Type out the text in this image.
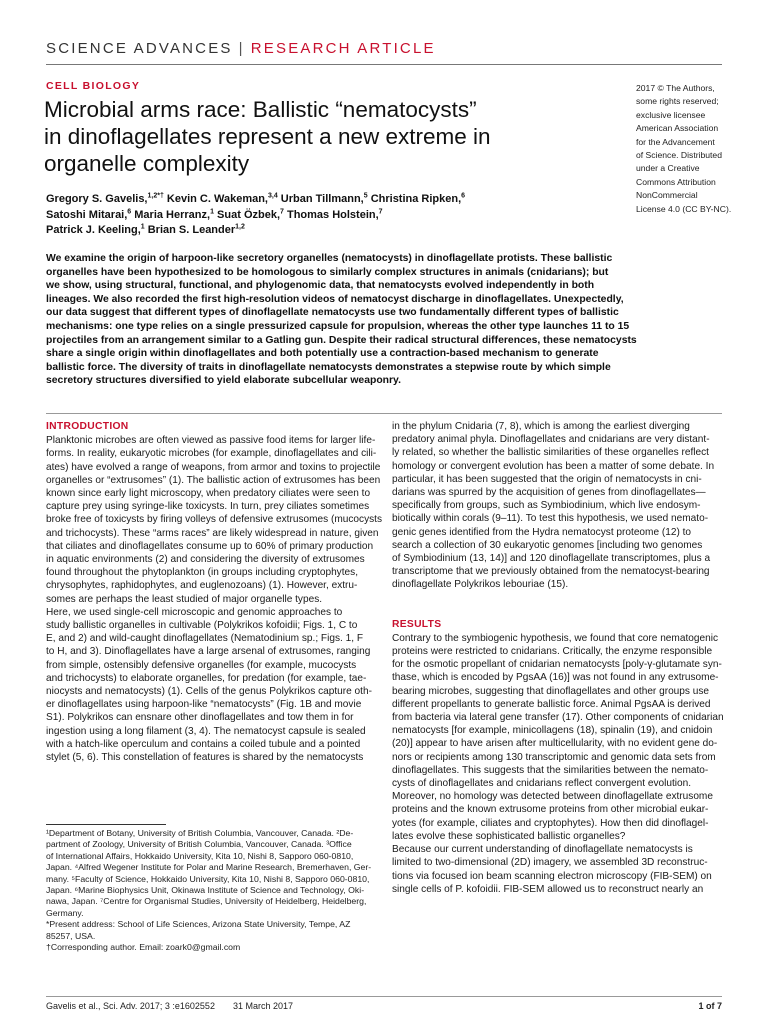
SCIENCE ADVANCES | RESEARCH ARTICLE
CELL BIOLOGY
Microbial arms race: Ballistic “nematocysts”
in dinoflagellates represent a new extreme in
organelle complexity
Gregory S. Gavelis,$^{1,2*\dagger}$ Kevin C. Wakeman,$^{3,4}$ Urban Tillmann,$^5$ Christina Ripken,$^6$
Satoshi Mitarai,$^6$ Maria Herranz,$^1$ Suat Özbek,$^7$ Thomas Holstein,$^7$
Patrick J. Keeling,$^1$ Brian S. Leander$^{1,2}$
2017 © The Authors,
some rights reserved;
exclusive licensee
American Association
for the Advancement
of Science. Distributed
under a Creative
Commons Attribution
NonCommercial
License 4.0 (CC BY-NC).
We examine the origin of harpoon-like secretory organelles (nematocysts) in dinoflagellate protists. These ballistic
organelles have been hypothesized to be homologous to similarly complex structures in animals (cnidarians); but
we show, using structural, functional, and phylogenomic data, that nematocysts evolved independently in both
lineages. We also recorded the first high-resolution videos of nematocyst discharge in dinoflagellates. Unexpectedly,
our data suggest that different types of dinoflagellate nematocysts use two fundamentally different types of ballistic
mechanisms: one type relies on a single pressurized capsule for propulsion, whereas the other type launches 11 to 15
projectiles from an arrangement similar to a Gatling gun. Despite their radical structural differences, these nematocysts
share a single origin within dinoflagellates and both potentially use a contraction-based mechanism to generate
ballistic force. The diversity of traits in dinoflagellate nematocysts demonstrates a stepwise route by which simple
secretory structures diversified to yield elaborate subcellular weaponry.
INTRODUCTION
Planktonic microbes are often viewed as passive food items for larger life-
forms. In reality, eukaryotic microbes (for example, dinoflagellates and cili-
ates) have evolved a range of weapons, from armor and toxins to projectile
organelles or “extrusomes” (1). The ballistic action of extrusomes has been
known since early light microscopy, when predatory ciliates were seen to
capture prey using syringe-like toxicysts. In turn, prey ciliates sometimes
broke free of toxicysts by firing volleys of defensive extrusomes (mucocysts
and trichocysts). These “arms races” are likely widespread in nature, given
that ciliates and dinoflagellates consume up to 60% of primary production
in aquatic environments (2) and considering the diversity of extrusomes
found throughout the phytoplankton (in groups including cryptophytes,
chrysophytes, raphidophytes, and euglenozoans) (1). However, extru-
somes are perhaps the least studied of major organelle types.
Here, we used single-cell microscopic and genomic approaches to
study ballistic organelles in cultivable (Polykrikos kofoidii; Figs. 1, C to
E, and 2) and wild-caught dinoflagellates (Nematodinium sp.; Figs. 1, F
to H, and 3). Dinoflagellates have a large arsenal of extrusomes, ranging
from simple, ostensibly defensive organelles (for example, mucocysts
and trichocysts) to elaborate organelles, for predation (for example, tae-
niocysts and nematocysts) (1). Cells of the genus Polykrikos capture oth-
er dinoflagellates using harpoon-like “nematocysts” (Fig. 1B and movie
S1). Polykrikos can ensnare other dinoflagellates and tow them in for
ingestion using a long filament (3, 4). The nematocyst capsule is sealed
with a hatch-like operculum and contains a coiled tubule and a pointed
stylet (5, 6). This constellation of features is shared by the nematocysts
in the phylum Cnidaria (7, 8), which is among the earliest diverging
predatory animal phyla. Dinoflagellates and cnidarians are very distant-
ly related, so whether the ballistic similarities of these organelles reflect
homology or convergent evolution has been a matter of some debate. In
particular, it has been suggested that the origin of nematocysts in cni-
darians was spurred by the acquisition of genes from dinoflagellates—
specifically from groups, such as Symbiodinium, which live endosym-
biotically within corals (9–11). To test this hypothesis, we used nemato-
genic genes identified from the Hydra nematocyst proteome (12) to
search a collection of 30 eukaryotic genomes [including two genomes
of Symbiodinium (13, 14)] and 120 dinoflagellate transcriptomes, plus a
transcriptome that we previously obtained from the nematocyst-bearing
dinoflagellate Polykrikos lebouriae (15).
RESULTS
Contrary to the symbiogenic hypothesis, we found that core nematogenic
proteins were restricted to cnidarians. Critically, the enzyme responsible
for the osmotic propellant of cnidarian nematocysts [poly-γ-glutamate syn-
thase, which is encoded by PgsAA (16)] was not found in any extrusome-
bearing microbes, suggesting that dinoflagellates and other groups use
different propellants to generate ballistic force. Animal PgsAA is derived
from bacteria via lateral gene transfer (17). Other components of cnidarian
nematocysts [for example, minicollagens (18), spinalin (19), and cnidoin
(20)] appear to have arisen after multicellularity, with no evident gene do-
nors or recipients among 130 transcriptomic and genomic data sets from
dinoflagellates. This suggests that the similarities between the nemato-
cysts of dinoflagellates and cnidarians reflect convergent evolution.
Moreover, no homology was detected between dinoflagellate extrusome
proteins and the known extrusome proteins from other microbial eukar-
yotes (for example, ciliates and cryptophytes). How then did dinoflagel-
lates evolve these sophisticated ballistic organelles?
Because our current understanding of dinoflagellate nematocysts is
limited to two-dimensional (2D) imagery, we assembled 3D reconstruc-
tions via focused ion beam scanning electron microscopy (FIB-SEM) on
single cells of P. kofoidii. FIB-SEM allowed us to reconstruct nearly an
¹Department of Botany, University of British Columbia, Vancouver, Canada. ²De-
partment of Zoology, University of British Columbia, Vancouver, Canada. ³Office
of International Affairs, Hokkaido University, Kita 10, Nishi 8, Sapporo 060-0810,
Japan. ⁴Alfred Wegener Institute for Polar and Marine Research, Bremerhaven, Ger-
many. ⁵Faculty of Science, Hokkaido University, Kita 10, Nishi 8, Sapporo 060-0810,
Japan. ⁶Marine Biophysics Unit, Okinawa Institute of Science and Technology, Oki-
nawa, Japan. ⁷Centre for Organismal Studies, University of Heidelberg, Heidelberg,
Germany.
*Present address: School of Life Sciences, Arizona State University, Tempe, AZ
85257, USA.
†Corresponding author. Email: zoark0@gmail.com
Gavelis et al., Sci. Adv. 2017; 3 :e1602552 31 March 2017	1 of 7
